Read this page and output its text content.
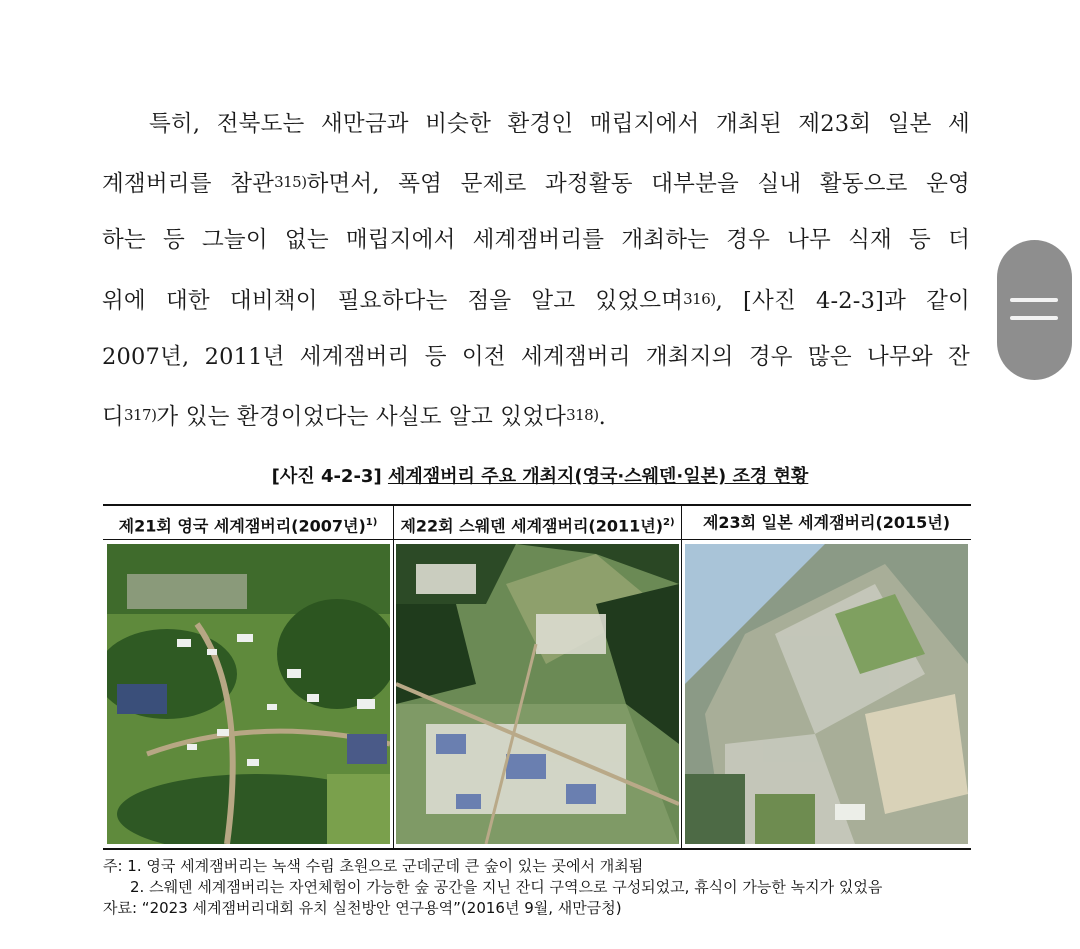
특히, 전북도는 새만금과 비슷한 환경인 매립지에서 개최된 제23회 일본 세
계잼버리를 참관315)하면서, 폭염 문제로 과정활동 대부분을 실내 활동으로 운영
하는 등 그늘이 없는 매립지에서 세계잼버리를 개최하는 경우 나무 식재 등 더
위에 대한 대비책이 필요하다는 점을 알고 있었으며316), [사진 4-2-3]과 같이
2007년, 2011년 세계잼버리 등 이전 세계잼버리 개최지의 경우 많은 나무와 잔
디317)가 있는 환경이었다는 사실도 알고 있었다318).
[사진 4-2-3] 세계잼버리 주요 개최지(영국·스웨덴·일본) 조경 현황
제21회 영국 세계잼버리(2007년)$^{1)}$	제22회 스웨덴 세계잼버리(2011년)$^{2)}$	제23회 일본 세계잼버리(2015년)
주: 1. 영국 세계잼버리는 녹색 수림 초원으로 군데군데 큰 숲이 있는 곳에서 개최됨
2. 스웨덴 세계잼버리는 자연체험이 가능한 숲 공간을 지닌 잔디 구역으로 구성되었고, 휴식이 가능한 녹지가 있었음
자료: “2023 세계잼버리대회 유치 실천방안 연구용역”(2016년 9월, 새만금청)
